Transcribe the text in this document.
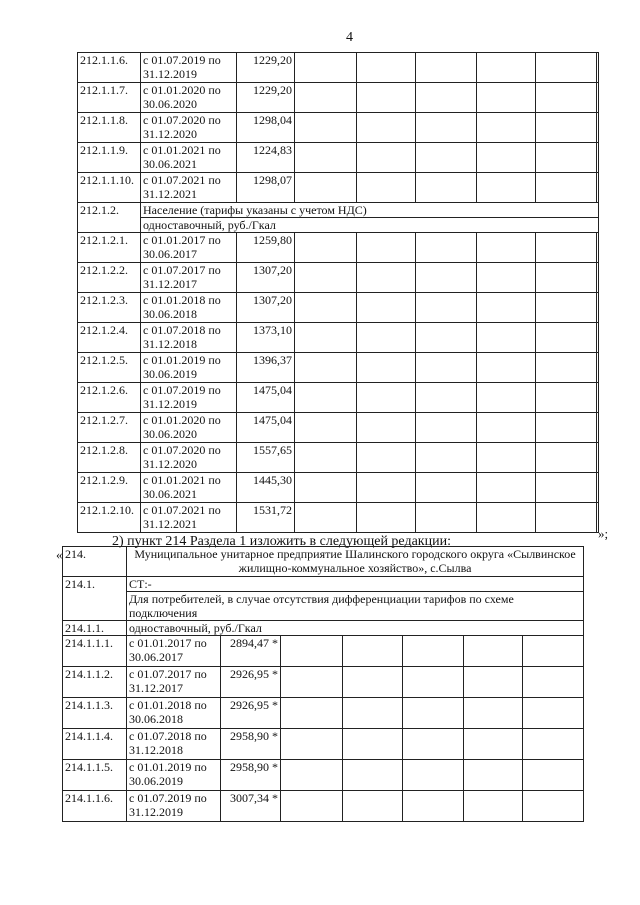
4
212.1.1.6.	с 01.07.2019 по 31.12.2019	1229,20						
212.1.1.7.	с 01.01.2020 по 30.06.2020	1229,20						
212.1.1.8.	с 01.07.2020 по 31.12.2020	1298,04						
212.1.1.9.	с 01.01.2021 по 30.06.2021	1224,83						
212.1.1.10.	с 01.07.2021 по 31.12.2021	1298,07						
212.1.2.	Население (тарифы указаны с учетом НДС)							
	одноставочный, руб./Гкал							
212.1.2.1.	с 01.01.2017 по 30.06.2017	1259,80						
212.1.2.2.	с 01.07.2017 по 31.12.2017	1307,20						
212.1.2.3.	с 01.01.2018 по 30.06.2018	1307,20						
212.1.2.4.	с 01.07.2018 по 31.12.2018	1373,10						
212.1.2.5.	с 01.01.2019 по 30.06.2019	1396,37						
212.1.2.6.	с 01.07.2019 по 31.12.2019	1475,04						
212.1.2.7.	с 01.01.2020 по 30.06.2020	1475,04						
212.1.2.8.	с 01.07.2020 по 31.12.2020	1557,65						
212.1.2.9.	с 01.01.2021 по 30.06.2021	1445,30						
212.1.2.10.	с 01.07.2021 по 31.12.2021	1531,72						
»;
2) пункт 214 Раздела 1 изложить в следующей редакции:
« 214.	Муниципальное унитарное предприятие Шалинского городского округа «Сылвинское жилищно-коммунальное хозяйство», с.Сылва						
214.1.	СТ:-						
	Для потребителей, в случае отсутствия дифференциации тарифов по схеме подключения						
214.1.1.	одноставочный, руб./Гкал						
214.1.1.1.	с 01.01.2017 по 30.06.2017	2894,47 *					
214.1.1.2.	с 01.07.2017 по 31.12.2017	2926,95 *					
214.1.1.3.	с 01.01.2018 по 30.06.2018	2926,95 *					
214.1.1.4.	с 01.07.2018 по 31.12.2018	2958,90 *					
214.1.1.5.	с 01.01.2019 по 30.06.2019	2958,90 *					
214.1.1.6.	с 01.07.2019 по 31.12.2019	3007,34 *					
